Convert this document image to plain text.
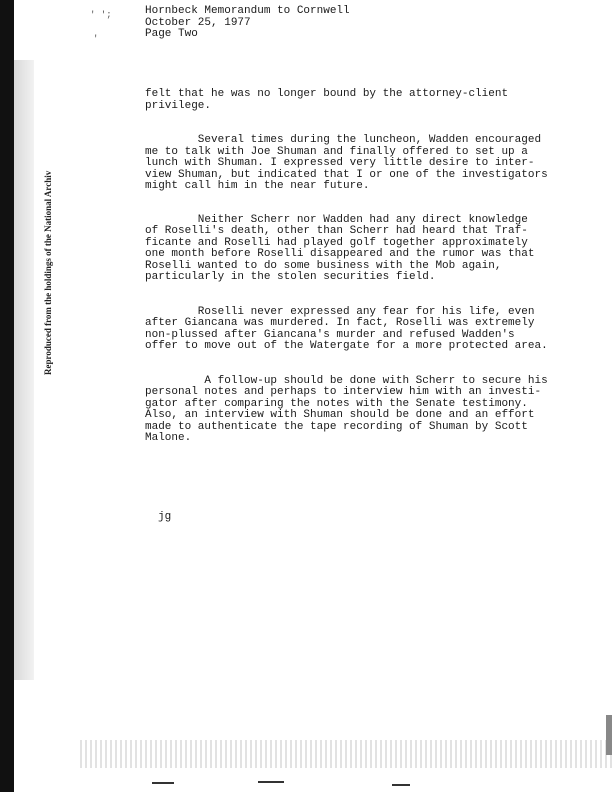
Reproduced from the holdings of the National Archiv
' ';
'
Hornbeck Memorandum to Cornwell
October 25, 1977
Page Two

felt that he was no longer bound by the attorney-client
privilege.

Several times during the luncheon, Wadden encouraged
me to talk with Joe Shuman and finally offered to set up a
lunch with Shuman. I expressed very little desire to inter-
view Shuman, but indicated that I or one of the investigators
might call him in the near future.

Neither Scherr nor Wadden had any direct knowledge
of Roselli's death, other than Scherr had heard that Traf-
ficante and Roselli had played golf together approximately
one month before Roselli disappeared and the rumor was that
Roselli wanted to do some business with the Mob again,
particularly in the stolen securities field.

Roselli never expressed any fear for his life, even
after Giancana was murdered. In fact, Roselli was extremely
non-plussed after Giancana's murder and refused Wadden's
offer to move out of the Watergate for a more protected area.

A follow-up should be done with Scherr to secure his
personal notes and perhaps to interview him with an investi-
gator after comparing the notes with the Senate testimony.
Also, an interview with Shuman should be done and an effort
made to authenticate the tape recording of Shuman by Scott
Malone.

jg
